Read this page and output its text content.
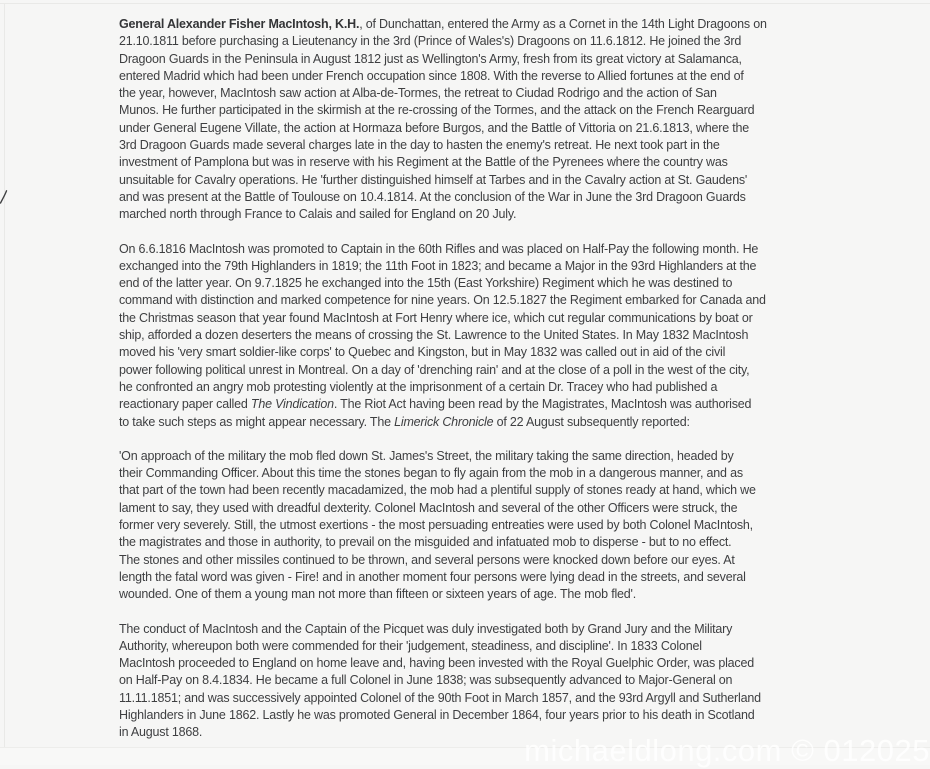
General Alexander Fisher MacIntosh, K.H., of Dunchattan, entered the Army as a Cornet in the 14th Light Dragoons on
21.10.1811 before purchasing a Lieutenancy in the 3rd (Prince of Wales's) Dragoons on 11.6.1812. He joined the 3rd
Dragoon Guards in the Peninsula in August 1812 just as Wellington's Army, fresh from its great victory at Salamanca,
entered Madrid which had been under French occupation since 1808. With the reverse to Allied fortunes at the end of
the year, however, MacIntosh saw action at Alba-de-Tormes, the retreat to Ciudad Rodrigo and the action of San
Munos. He further participated in the skirmish at the re-crossing of the Tormes, and the attack on the French Rearguard
under General Eugene Villate, the action at Hormaza before Burgos, and the Battle of Vittoria on 21.6.1813, where the
3rd Dragoon Guards made several charges late in the day to hasten the enemy's retreat. He next took part in the
investment of Pamplona but was in reserve with his Regiment at the Battle of the Pyrenees where the country was
unsuitable for Cavalry operations. He 'further distinguished himself at Tarbes and in the Cavalry action at St. Gaudens'
and was present at the Battle of Toulouse on 10.4.1814. At the conclusion of the War in June the 3rd Dragoon Guards
marched north through France to Calais and sailed for England on 20 July.
On 6.6.1816 MacIntosh was promoted to Captain in the 60th Rifles and was placed on Half-Pay the following month. He
exchanged into the 79th Highlanders in 1819; the 11th Foot in 1823; and became a Major in the 93rd Highlanders at the
end of the latter year. On 9.7.1825 he exchanged into the 15th (East Yorkshire) Regiment which he was destined to
command with distinction and marked competence for nine years. On 12.5.1827 the Regiment embarked for Canada and
the Christmas season that year found MacIntosh at Fort Henry where ice, which cut regular communications by boat or
ship, afforded a dozen deserters the means of crossing the St. Lawrence to the United States. In May 1832 MacIntosh
moved his 'very smart soldier-like corps' to Quebec and Kingston, but in May 1832 was called out in aid of the civil
power following political unrest in Montreal. On a day of 'drenching rain' and at the close of a poll in the west of the city,
he confronted an angry mob protesting violently at the imprisonment of a certain Dr. Tracey who had published a
reactionary paper called The Vindication. The Riot Act having been read by the Magistrates, MacIntosh was authorised
to take such steps as might appear necessary. The Limerick Chronicle of 22 August subsequently reported:
'On approach of the military the mob fled down St. James's Street, the military taking the same direction, headed by
their Commanding Officer. About this time the stones began to fly again from the mob in a dangerous manner, and as
that part of the town had been recently macadamized, the mob had a plentiful supply of stones ready at hand, which we
lament to say, they used with dreadful dexterity. Colonel MacIntosh and several of the other Officers were struck, the
former very severely. Still, the utmost exertions - the most persuading entreaties were used by both Colonel MacIntosh,
the magistrates and those in authority, to prevail on the misguided and infatuated mob to disperse - but to no effect.
The stones and other missiles continued to be thrown, and several persons were knocked down before our eyes. At
length the fatal word was given - Fire! and in another moment four persons were lying dead in the streets, and several
wounded. One of them a young man not more than fifteen or sixteen years of age. The mob fled'.
The conduct of MacIntosh and the Captain of the Picquet was duly investigated both by Grand Jury and the Military
Authority, whereupon both were commended for their 'judgement, steadiness, and discipline'. In 1833 Colonel
MacIntosh proceeded to England on home leave and, having been invested with the Royal Guelphic Order, was placed
on Half-Pay on 8.4.1834. He became a full Colonel in June 1838; was subsequently advanced to Major-General on
11.11.1851; and was successively appointed Colonel of the 90th Foot in March 1857, and the 93rd Argyll and Sutherland
Highlanders in June 1862. Lastly he was promoted General in December 1864, four years prior to his death in Scotland
in August 1868.
michaeldlong.com © 012025
